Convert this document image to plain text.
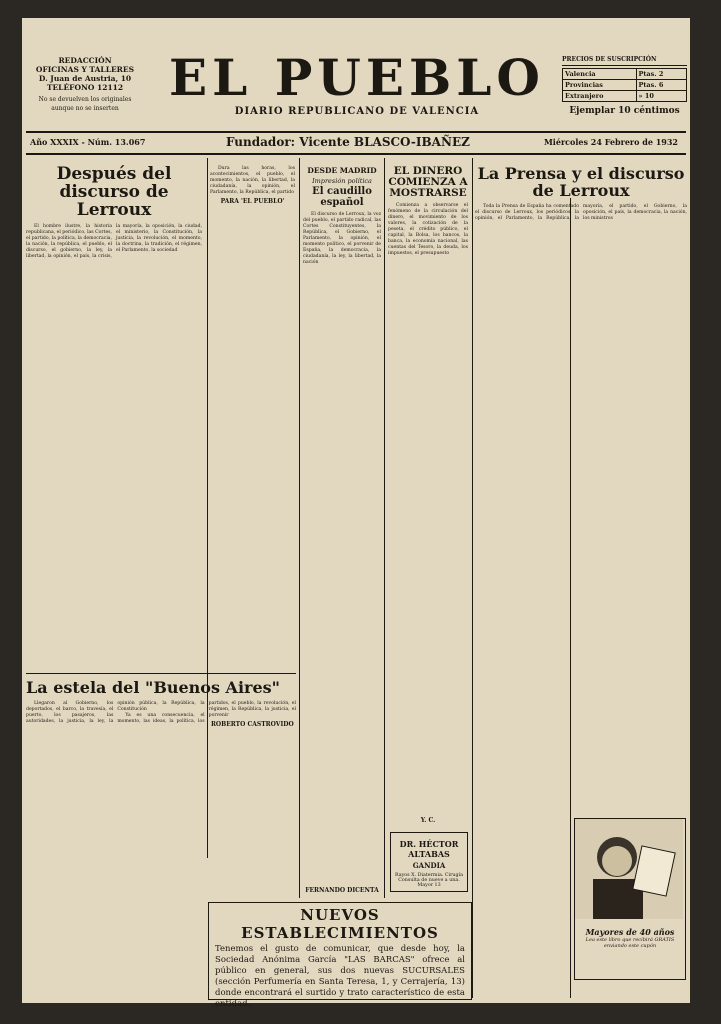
REDACCIÓN
OFICINAS Y TALLERES
D. Juan de Austria, 10
TELÉFONO 12112
No se devuelven los originales aunque no se inserten
EL PUEBLO
DIARIO REPUBLICANO DE VALENCIA
PRECIOS DE SUSCRIPCIÓN
Valencia	Ptas. 2
Provincias	Ptas. 6
Extranjero	» 10
Ejemplar 10 céntimos
Año XXXIX - Núm. 13.067	Fundador: Vicente BLASCO-IBAÑEZ	Miércoles 24 Febrero de 1932
Después del discurso de Lerroux

El hombre ilustre, la historia republicana, el periódico, las Cortes, el partido, la política, la democracia, la nación, la república, el pueblo, el discurso, el gobierno, la ley, la libertad, la opinión, el país, la crisis, la mayoría, la oposición, la ciudad, el ministerio, la Constitución, la justicia, la revolución, el momento, la doctrina, la tradición, el régimen, el Parlamento, la sociedad

Dura las horas, los acontecimientos, el pueblo, el momento, la nación, la libertad, la ciudadanía, la opinión, el Parlamento, la República, el partido

PARA 'EL PUEBLO'
La estela del "Buenos Aires"

Llegaron al Gobierno, los deportados, el barco, la travesía, el puerto, los pasajeros, las autoridades, la justicia, la ley, la opinión pública, la República, la Constitución

Ya es una consecuencia, el momento, las ideas, la política, los partidos, el pueblo, la revolución, el régimen, la República, la justicia, el porvenir

ROBERTO CASTROVIDO
DESDE MADRID
Impresión política
El caudillo español

El discurso de Lerroux, la voz del pueblo, el partido radical, las Cortes Constituyentes, la República, el Gobierno, el Parlamento, la opinión, el momento político, el porvenir de España, la democracia, la ciudadanía, la ley, la libertad, la nación

FERNANDO DICENTA
EL DINERO COMIENZA A MOSTRARSE

Comienza a observarse el fenómeno de la circulación del dinero, el movimiento de los valores, la cotización de la peseta, el crédito público, el capital, la Bolsa, los bancos, la banca, la economía nacional, las cuentas del Tesoro, la deuda, los impuestos, el presupuesto

Y. C.
DR. HÉCTOR ALTABAS
GANDIA
Rayos X. Diatermia. Cirugía
Consulta de nueve a una. Mayor 13
La Prensa y el discurso de Lerroux

Toda la Prensa de España ha comentado el discurso de Lerroux, los periódicos, la opinión, el Parlamento, la República, la mayoría, el partido, el Gobierno, la oposición, el país, la democracia, la nación, los ministros

Mayores de 40 años
Lea este libro que recibirá GRATIS enviando este cupón
NUEVOS ESTABLECIMIENTOS
Tenemos el gusto de comunicar, que desde hoy, la Sociedad Anónima García "LAS BARCAS" ofrece al público en general, sus dos nuevas SUCURSALES (sección Perfumería en Santa Teresa, 1, y Cerrajería, 13) donde encontrará el surtido y trato característico de esta entidad.
